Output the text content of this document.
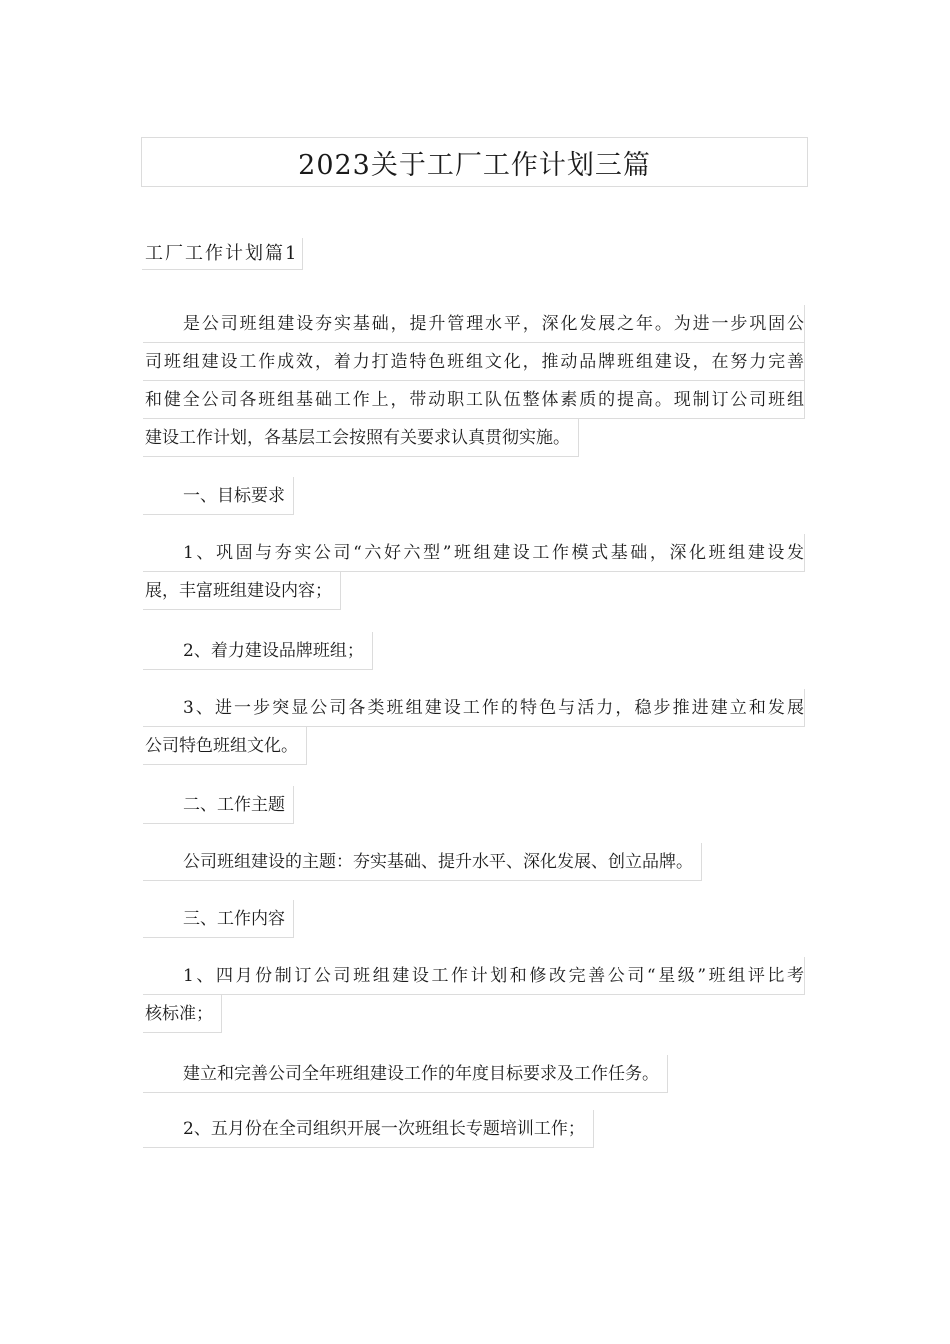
2023关于工厂工作计划三篇
工厂工作计划篇1
是公司班组建设夯实基础，提升管理水平，深化发展之年。为进一步巩固公
司班组建设工作成效，着力打造特色班组文化，推动品牌班组建设，在努力完善
和健全公司各班组基础工作上，带动职工队伍整体素质的提高。现制订公司班组
建设工作计划，各基层工会按照有关要求认真贯彻实施。
一、目标要求
1、巩固与夯实公司“六好六型”班组建设工作模式基础，深化班组建设发
展，丰富班组建设内容；
2、着力建设品牌班组；
3、进一步突显公司各类班组建设工作的特色与活力，稳步推进建立和发展
公司特色班组文化。
二、工作主题
公司班组建设的主题：夯实基础、提升水平、深化发展、创立品牌。
三、工作内容
1、四月份制订公司班组建设工作计划和修改完善公司“星级”班组评比考
核标准；
建立和完善公司全年班组建设工作的年度目标要求及工作任务。
2、五月份在全司组织开展一次班组长专题培训工作；
